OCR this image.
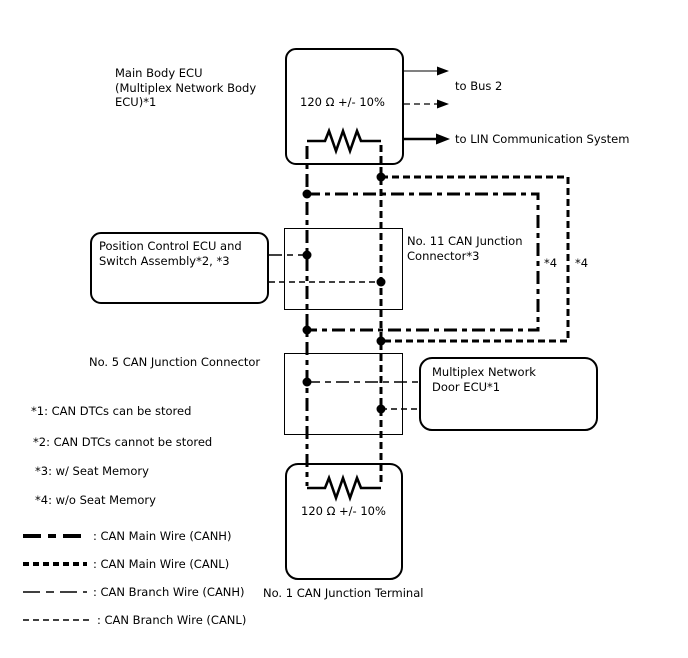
Main Body ECU
(Multiplex Network Body
ECU)*1	120 Ω +/- 10%
to Bus 2
to LIN Communication System
No. 11 CAN Junction
Connector*3
*4 *4
Position Control ECU and
Switch Assembly*2, *3
No. 5 CAN Junction Connector
Multiplex Network
Door ECU*1
120 Ω +/- 10%
No. 1 CAN Junction Terminal
*1: CAN DTCs can be stored
*2: CAN DTCs cannot be stored
*3: w/ Seat Memory
*4: w/o Seat Memory
: CAN Main Wire (CANH)
: CAN Main Wire (CANL)
: CAN Branch Wire (CANH)
: CAN Branch Wire (CANL)
